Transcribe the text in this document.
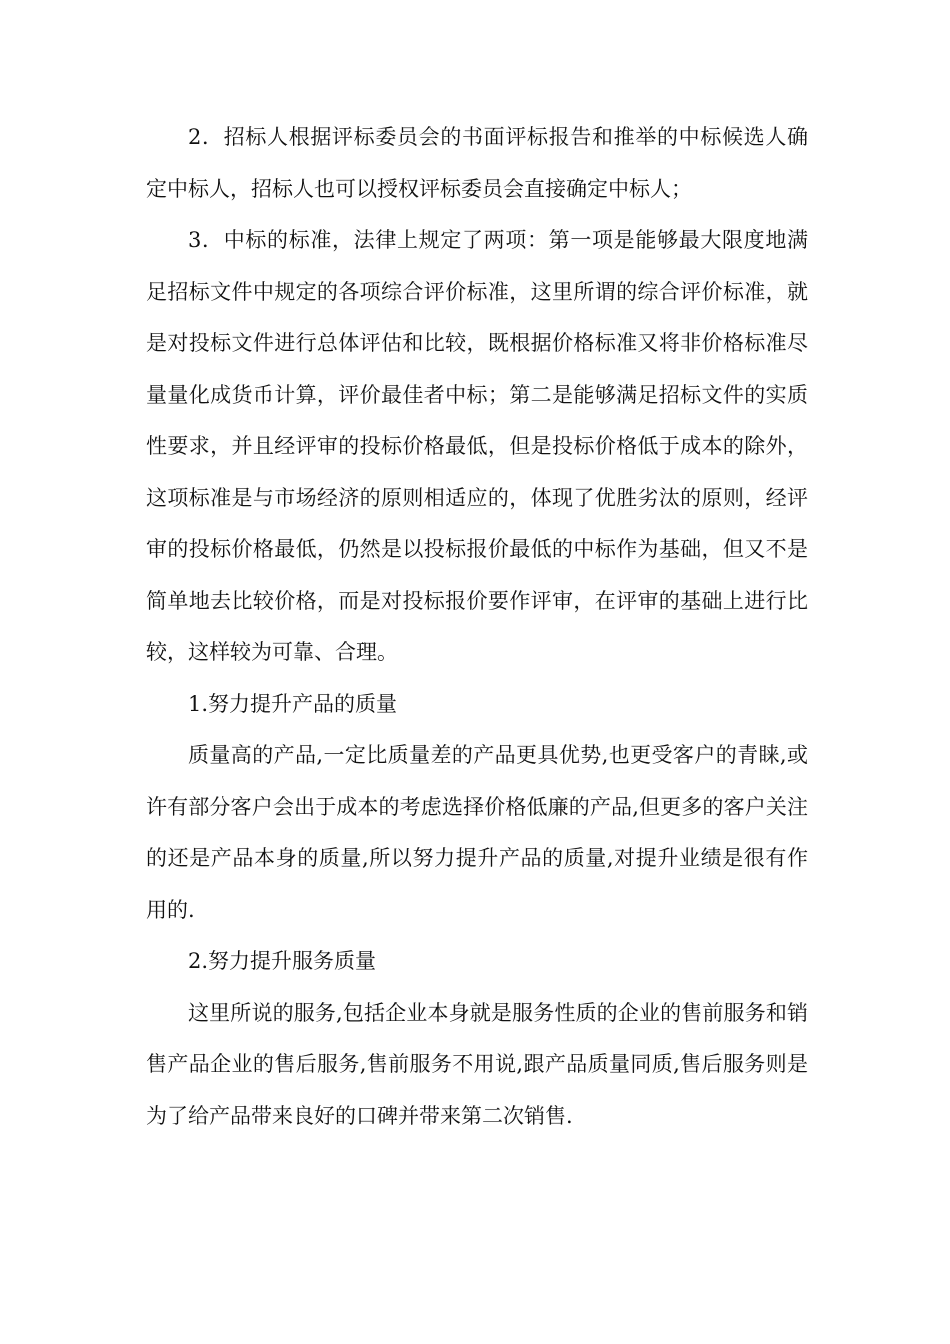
2．招标人根据评标委员会的书面评标报告和推举的中标候选人确定中标人，招标人也可以授权评标委员会直接确定中标人；

3．中标的标准，法律上规定了两项：第一项是能够最大限度地满足招标文件中规定的各项综合评价标准，这里所谓的综合评价标准，就是对投标文件进行总体评估和比较，既根据价格标准又将非价格标准尽量量化成货币计算，评价最佳者中标；第二是能够满足招标文件的实质性要求，并且经评审的投标价格最低，但是投标价格低于成本的除外，这项标准是与市场经济的原则相适应的，体现了优胜劣汰的原则，经评审的投标价格最低，仍然是以投标报价最低的中标作为基础，但又不是简单地去比较价格，而是对投标报价要作评审，在评审的基础上进行比较，这样较为可靠、合理。

1.努力提升产品的质量

质量高的产品,一定比质量差的产品更具优势,也更受客户的青睐,或许有部分客户会出于成本的考虑选择价格低廉的产品,但更多的客户关注的还是产品本身的质量,所以努力提升产品的质量,对提升业绩是很有作用的.

2.努力提升服务质量

这里所说的服务,包括企业本身就是服务性质的企业的售前服务和销售产品企业的售后服务,售前服务不用说,跟产品质量同质,售后服务则是为了给产品带来良好的口碑并带来第二次销售.
